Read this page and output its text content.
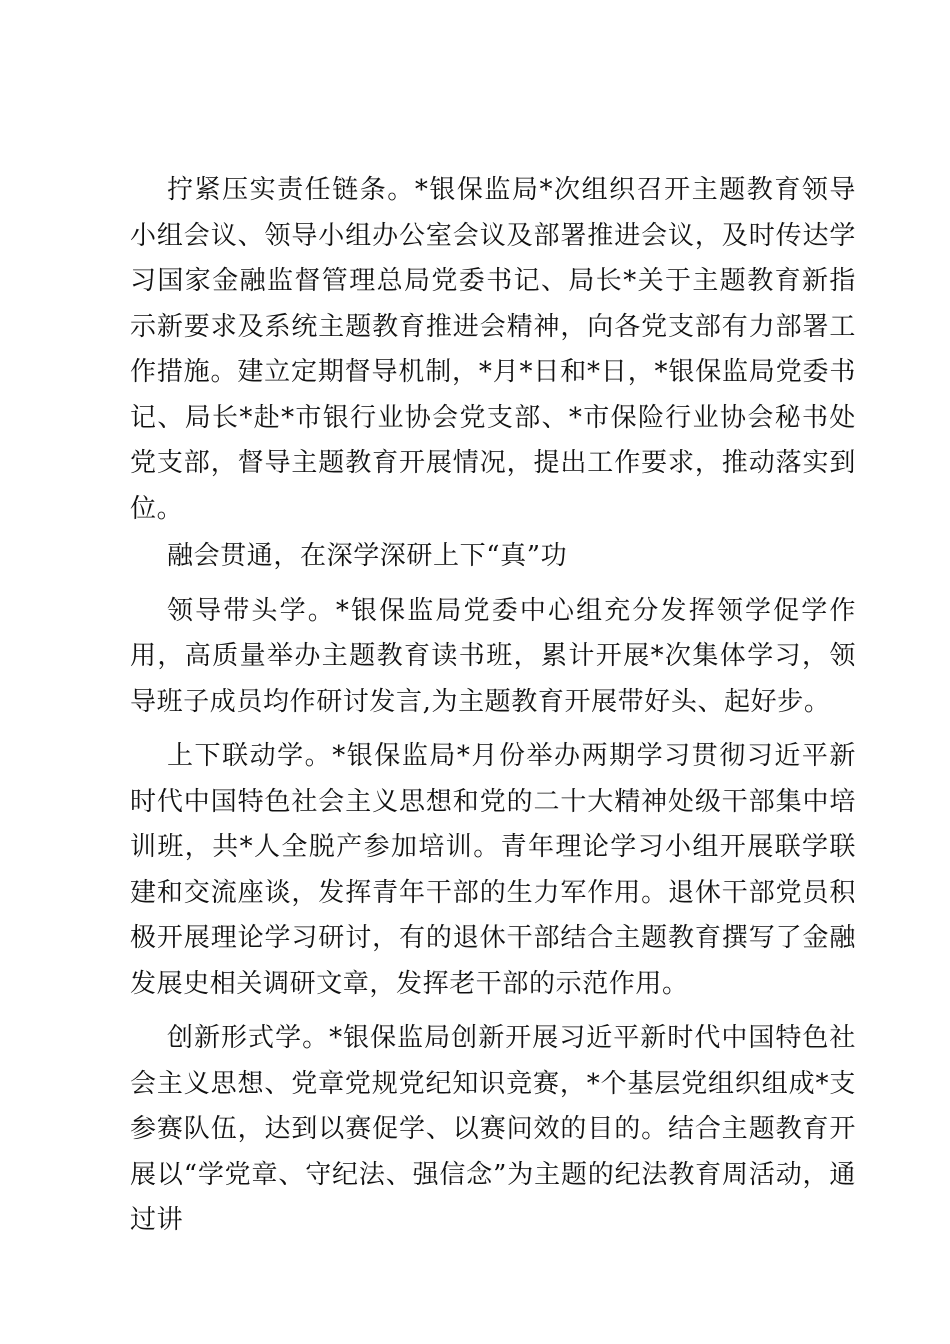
拧紧压实责任链条。*银保监局*次组织召开主题教育领导小组会议、领导小组办公室会议及部署推进会议，及时传达学习国家金融监督管理总局党委书记、局长*关于主题教育新指示新要求及系统主题教育推进会精神，向各党支部有力部署工作措施。建立定期督导机制，*月*日和*日，*银保监局党委书记、局长*赴*市银行业协会党支部、*市保险行业协会秘书处党支部，督导主题教育开展情况，提出工作要求，推动落实到位。

融会贯通，在深学深研上下“真”功

领导带头学。*银保监局党委中心组充分发挥领学促学作用，高质量举办主题教育读书班，累计开展*次集体学习，领导班子成员均作研讨发言,为主题教育开展带好头、起好步。

上下联动学。*银保监局*月份举办两期学习贯彻习近平新时代中国特色社会主义思想和党的二十大精神处级干部集中培训班，共*人全脱产参加培训。青年理论学习小组开展联学联建和交流座谈，发挥青年干部的生力军作用。退休干部党员积极开展理论学习研讨，有的退休干部结合主题教育撰写了金融发展史相关调研文章，发挥老干部的示范作用。

创新形式学。*银保监局创新开展习近平新时代中国特色社会主义思想、党章党规党纪知识竞赛，*个基层党组织组成*支参赛队伍，达到以赛促学、以赛问效的目的。结合主题教育开展以“学党章、守纪法、强信念”为主题的纪法教育周活动，通过讲
